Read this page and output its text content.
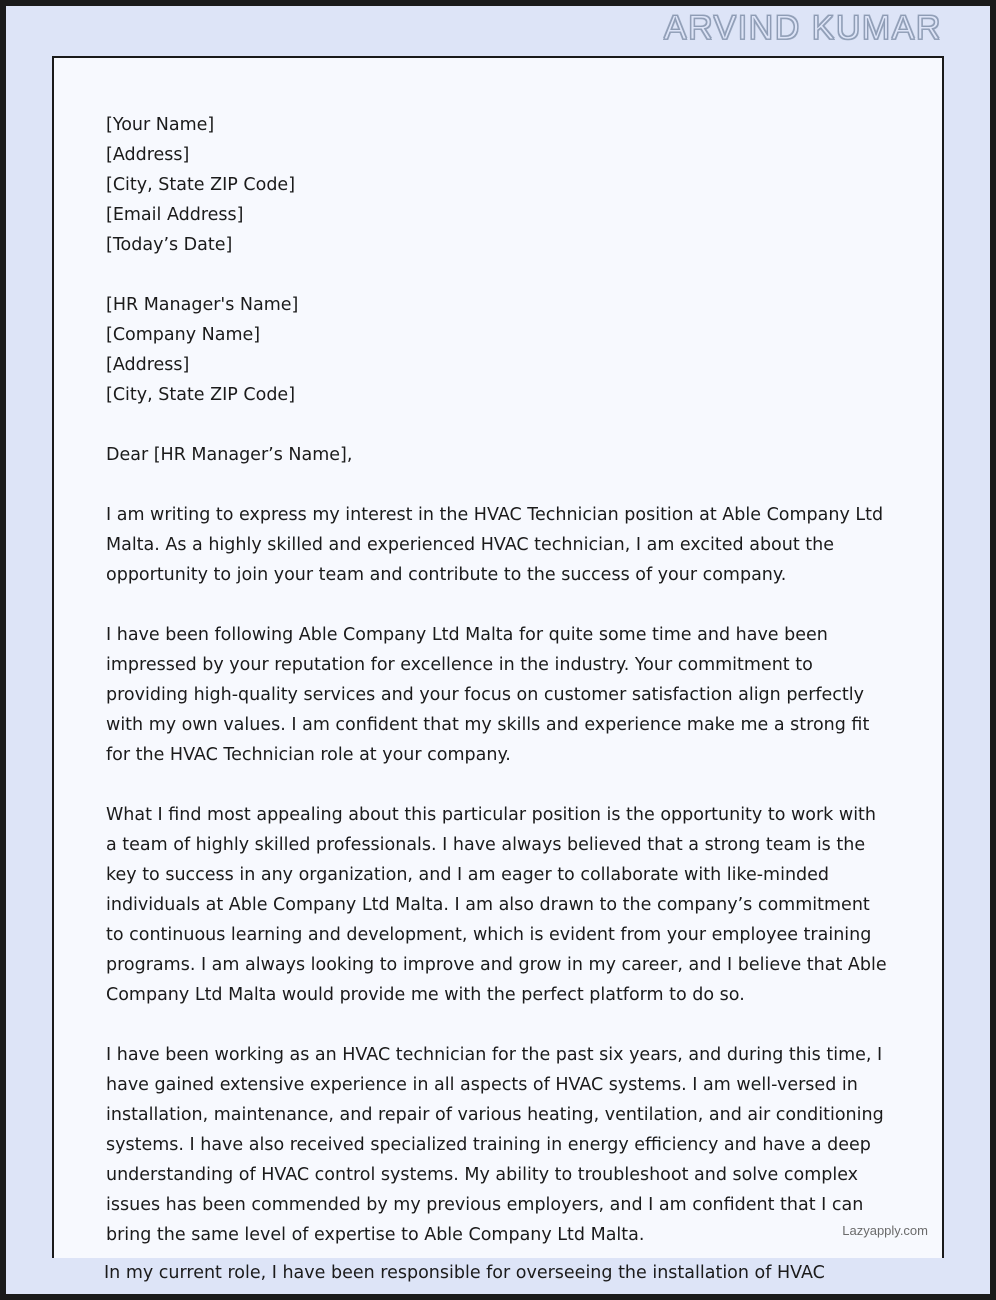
ARVIND KUMAR
[Your Name]
[Address]
[City, State ZIP Code]
[Email Address]
[Today’s Date]
[HR Manager's Name]
[Company Name]
[Address]
[City, State ZIP Code]
Dear [HR Manager’s Name],

I am writing to express my interest in the HVAC Technician position at Able Company Ltd Malta. As a highly skilled and experienced HVAC technician, I am excited about the opportunity to join your team and contribute to the success of your company.

I have been following Able Company Ltd Malta for quite some time and have been impressed by your reputation for excellence in the industry. Your commitment to providing high-quality services and your focus on customer satisfaction align perfectly with my own values. I am confident that my skills and experience make me a strong fit for the HVAC Technician role at your company.

What I find most appealing about this particular position is the opportunity to work with a team of highly skilled professionals. I have always believed that a strong team is the key to success in any organization, and I am eager to collaborate with like-minded individuals at Able Company Ltd Malta. I am also drawn to the company’s commitment to continuous learning and development, which is evident from your employee training programs. I am always looking to improve and grow in my career, and I believe that Able Company Ltd Malta would provide me with the perfect platform to do so.

I have been working as an HVAC technician for the past six years, and during this time, I have gained extensive experience in all aspects of HVAC systems. I am well-versed in installation, maintenance, and repair of various heating, ventilation, and air conditioning systems. I have also received specialized training in energy efficiency and have a deep understanding of HVAC control systems. My ability to troubleshoot and solve complex issues has been commended by my previous employers, and I am confident that I can bring the same level of expertise to Able Company Ltd Malta.	Lazyapply.com
In my current role, I have been responsible for overseeing the installation of HVAC
